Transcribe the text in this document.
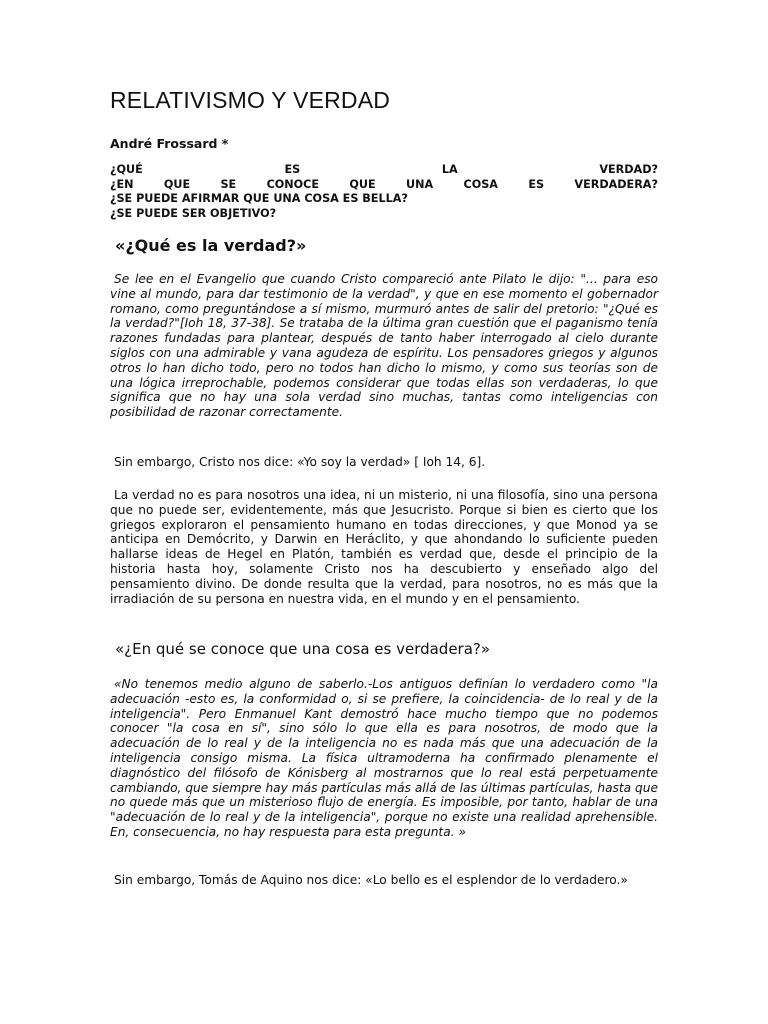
RELATIVISMO Y VERDAD
André Frossard *
¿QUÉ	ES	LA	VERDAD?
¿EN	QUE	SE	CONOCE	QUE	UNA	COSA	ES	VERDADERA?
¿SE PUEDE AFIRMAR QUE UNA COSA ES BELLA?
¿SE PUEDE SER OBJETIVO?
«¿Qué es la verdad?»

Se lee en el Evangelio que cuando Cristo compareció ante Pilato le dijo: "... para eso vine al mundo, para dar testimonio de la verdad", y que en ese momento el gobernador romano, como preguntándose a sí mismo, murmuró antes de salir del pretorio: "¿Qué es la verdad?"[Ioh 18, 37-38]. Se trataba de la última gran cuestión que el paganismo tenía razones fundadas para plantear, después de tanto haber interrogado al cielo durante siglos con una admirable y vana agudeza de espíritu. Los pensadores griegos y algunos otros lo han dicho todo, pero no todos han dicho lo mismo, y como sus teorías son de una lógica irreprochable, podemos considerar que todas ellas son verdaderas, lo que significa que no hay una sola verdad sino muchas, tantas como inteligencias con posibilidad de razonar correctamente.

Sin embargo, Cristo nos dice: «Yo soy la verdad» [ Ioh 14, 6].

La verdad no es para nosotros una idea, ni un misterio, ni una filosofía, sino una persona que no puede ser, evidentemente, más que Jesucristo. Porque si bien es cierto que los griegos exploraron el pensamiento humano en todas direcciones, y que Monod ya se anticipa en Demócrito, y Darwin en Heráclito, y que ahondando lo suficiente pueden hallarse ideas de Hegel en Platón, también es verdad que, desde el principio de la historia hasta hoy, solamente Cristo nos ha descubierto y enseñado algo del pensamiento divino. De donde resulta que la verdad, para nosotros, no es más que la irradiación de su persona en nuestra vida, en el mundo y en el pensamiento.

«¿En qué se conoce que una cosa es verdadera?»

«No tenemos medio alguno de saberlo.-Los antiguos definían lo verdadero como "la adecuación -esto es, la conformidad o, si se prefiere, la coincidencia- de lo real y de la inteligencia". Pero Enmanuel Kant demostró hace mucho tiempo que no podemos conocer "la cosa en sí", sino sólo lo que ella es para nosotros, de modo que la adecuación de lo real y de la inteligencia no es nada más que una adecuación de la inteligencia consigo misma. La física ultramoderna ha confirmado plenamente el diagnóstico del filósofo de Kónisberg al mostrarnos que lo real está perpetuamente cambiando, que siempre hay más partículas más allá de las últimas partículas, hasta que no quede más que un misterioso flujo de energía. Es imposible, por tanto, hablar de una "adecuación de lo real y de la inteligencia", porque no existe una realidad aprehensible. En, consecuencia, no hay respuesta para esta pregunta. »

Sin embargo, Tomás de Aquino nos dice: «Lo bello es el esplendor de lo verdadero.»
